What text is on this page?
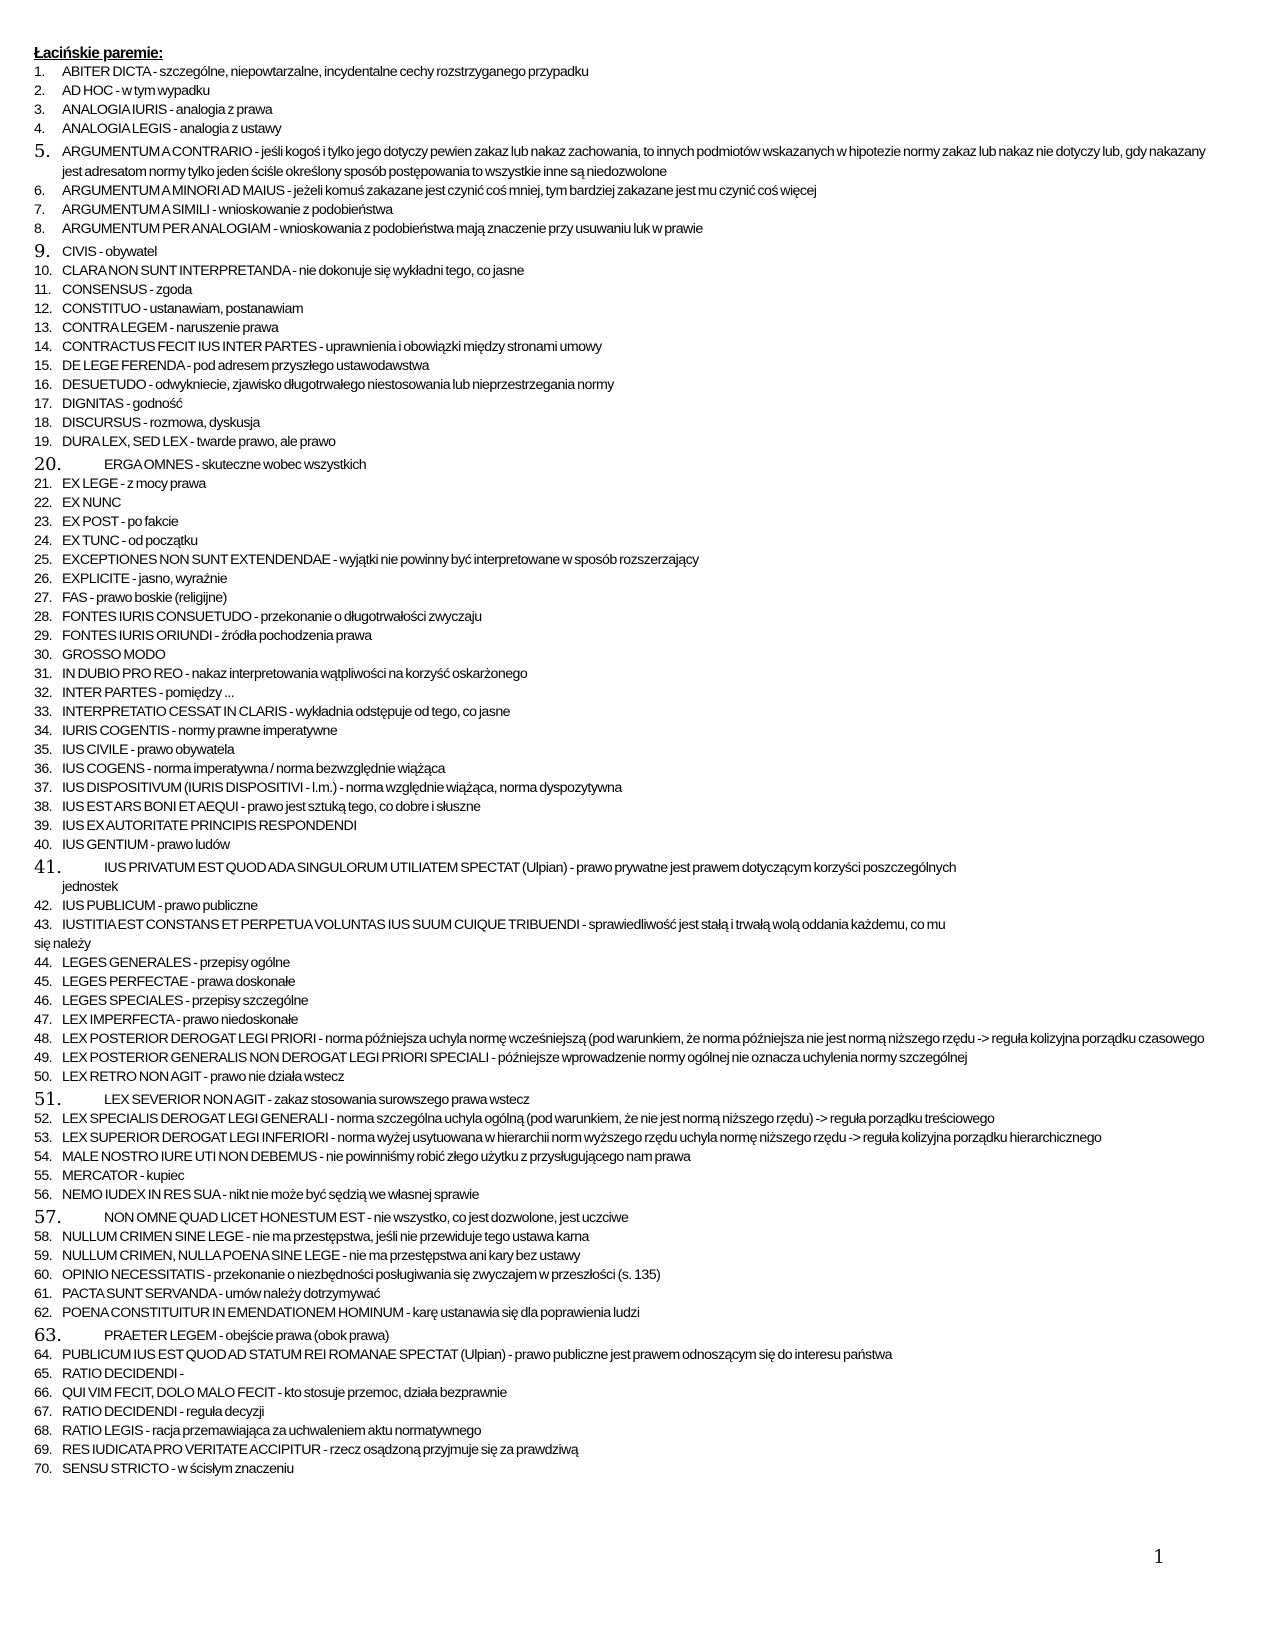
Łacińskie paremie:
1.	ABITER DICTA - szczególne, niepowtarzalne, incydentalne cechy rozstrzyganego przypadku
2.	AD HOC - w tym wypadku
3.	ANALOGIA IURIS - analogia z prawa
4.	ANALOGIA LEGIS - analogia z ustawy
5. ARGUMENTUM A CONTRARIO - jeśli kogoś i tylko jego dotyczy pewien zakaz lub nakaz zachowania, to innych podmiotów wskazanych w hipotezie normy zakaz lub nakaz nie dotyczy lub, gdy nakazany jest adresatom normy tylko jeden ściśle określony sposób postępowania to wszystkie inne są niedozwolone
6.	ARGUMENTUM A MINORI AD MAIUS - jeżeli komuś zakazane jest czynić coś mniej, tym bardziej zakazane jest mu czynić coś więcej
7.	ARGUMENTUM A SIMILI - wnioskowanie z podobieństwa
8.	ARGUMENTUM PER ANALOGIAM - wnioskowania z podobieństwa mają znaczenie przy usuwaniu luk w prawie
9. CIVIS - obywatel
10. CLARA NON SUNT INTERPRETANDA - nie dokonuje się wykładni tego, co jasne
11. CONSENSUS - zgoda
12. CONSTITUO - ustanawiam, postanawiam
13. CONTRA LEGEM - naruszenie prawa
14. CONTRACTUS FECIT IUS INTER PARTES - uprawnienia i obowiązki między stronami umowy
15. DE LEGE FERENDA - pod adresem przyszłego ustawodawstwa
16. DESUETUDO - odwykniecie, zjawisko długotrwałego niestosowania lub nieprzestrzegania normy
17. DIGNITAS - godność
18. DISCURSUS - rozmowa, dyskusja
19. DURA LEX, SED LEX - twarde prawo, ale prawo
20.	ERGA OMNES - skuteczne wobec wszystkich
21. EX LEGE - z mocy prawa
22. EX NUNC
23. EX POST - po fakcie
24. EX TUNC - od początku
25. EXCEPTIONES NON SUNT EXTENDENDAE - wyjątki nie powinny być interpretowane w sposób rozszerzający
26. EXPLICITE - jasno, wyraźnie
27. FAS - prawo boskie (religijne)
28. FONTES IURIS CONSUETUDO - przekonanie o długotrwałości zwyczaju
29. FONTES IURIS ORIUNDI - źródła pochodzenia prawa
30. GROSSO MODO
31. IN DUBIO PRO REO - nakaz interpretowania wątpliwości na korzyść oskarżonego
32. INTER PARTES - pomiędzy ...
33. INTERPRETATIO CESSAT IN CLARIS - wykładnia odstępuje od tego, co jasne
34. IURIS COGENTIS - normy prawne imperatywne
35. IUS CIVILE - prawo obywatela
36. IUS COGENS - norma imperatywna / norma bezwzględnie wiążąca
37. IUS DISPOSITIVUM (IURIS DISPOSITIVI - l.m.) - norma względnie wiążąca, norma dyspozytywna
38. IUS EST ARS BONI ET AEQUI - prawo jest sztuką tego, co dobre i słuszne
39. IUS EX AUTORITATE PRINCIPIS RESPONDENDI
40. IUS GENTIUM - prawo ludów
41.	IUS PRIVATUM EST QUOD ADA SINGULORUM UTILIATEM SPECTAT (Ulpian) - prawo prywatne jest prawem dotyczącym korzyści poszczególnych
jednostek
42. IUS PUBLICUM - prawo publiczne
43. IUSTITIA EST CONSTANS ET PERPETUA VOLUNTAS IUS SUUM CUIQUE TRIBUENDI - sprawiedliwość jest stałą i trwałą wolą oddania każdemu, co mu
się należy
44. LEGES GENERALES - przepisy ogólne
45. LEGES PERFECTAE - prawa doskonałe
46. LEGES SPECIALES - przepisy szczególne
47. LEX IMPERFECTA - prawo niedoskonałe
48. LEX POSTERIOR DEROGAT LEGI PRIORI - norma późniejsza uchyla normę wcześniejszą (pod warunkiem, że norma późniejsza nie jest normą niższego rzędu -> reguła kolizyjna porządku czasowego
49. LEX POSTERIOR GENERALIS NON DEROGAT LEGI PRIORI SPECIALI - późniejsze wprowadzenie normy ogólnej nie oznacza uchylenia normy szczególnej
50. LEX RETRO NON AGIT - prawo nie działa wstecz
51.	LEX SEVERIOR NON AGIT - zakaz stosowania surowszego prawa wstecz
52. LEX SPECIALIS DEROGAT LEGI GENERALI - norma szczególna uchyla ogólną (pod warunkiem, że nie jest normą niższego rzędu) -> reguła porządku treściowego
53. LEX SUPERIOR DEROGAT LEGI INFERIORI - norma wyżej usytuowana w hierarchii norm wyższego rzędu uchyla normę niższego rzędu -> reguła kolizyjna porządku hierarchicznego
54. MALE NOSTRO IURE UTI NON DEBEMUS - nie powinniśmy robić złego użytku z przysługującego nam prawa
55. MERCATOR - kupiec
56. NEMO IUDEX IN RES SUA - nikt nie może być sędzią we własnej sprawie
57.	NON OMNE QUAD LICET HONESTUM EST - nie wszystko, co jest dozwolone, jest uczciwe
58. NULLUM CRIMEN SINE LEGE - nie ma przestępstwa, jeśli nie przewiduje tego ustawa karna
59. NULLUM CRIMEN, NULLA POENA SINE LEGE - nie ma przestępstwa ani kary bez ustawy
60. OPINIO NECESSITATIS - przekonanie o niezbędności posługiwania się zwyczajem w przeszłości (s. 135)
61. PACTA SUNT SERVANDA - umów należy dotrzymywać
62. POENA CONSTITUITUR IN EMENDATIONEM HOMINUM - karę ustanawia się dla poprawienia ludzi
63.	PRAETER LEGEM - obejście prawa (obok prawa)
64. PUBLICUM IUS EST QUOD AD STATUM REI ROMANAE SPECTAT (Ulpian) - prawo publiczne jest prawem odnoszącym się do interesu państwa
65. RATIO DECIDENDI -
66. QUI VIM FECIT, DOLO MALO FECIT - kto stosuje przemoc, działa bezprawnie
67. RATIO DECIDENDI - reguła decyzji
68. RATIO LEGIS - racja przemawiająca za uchwaleniem aktu normatywnego
69. RES IUDICATA PRO VERITATE ACCIPITUR - rzecz osądzoną przyjmuje się za prawdziwą
70. SENSU STRICTO - w ścisłym znaczeniu
1
